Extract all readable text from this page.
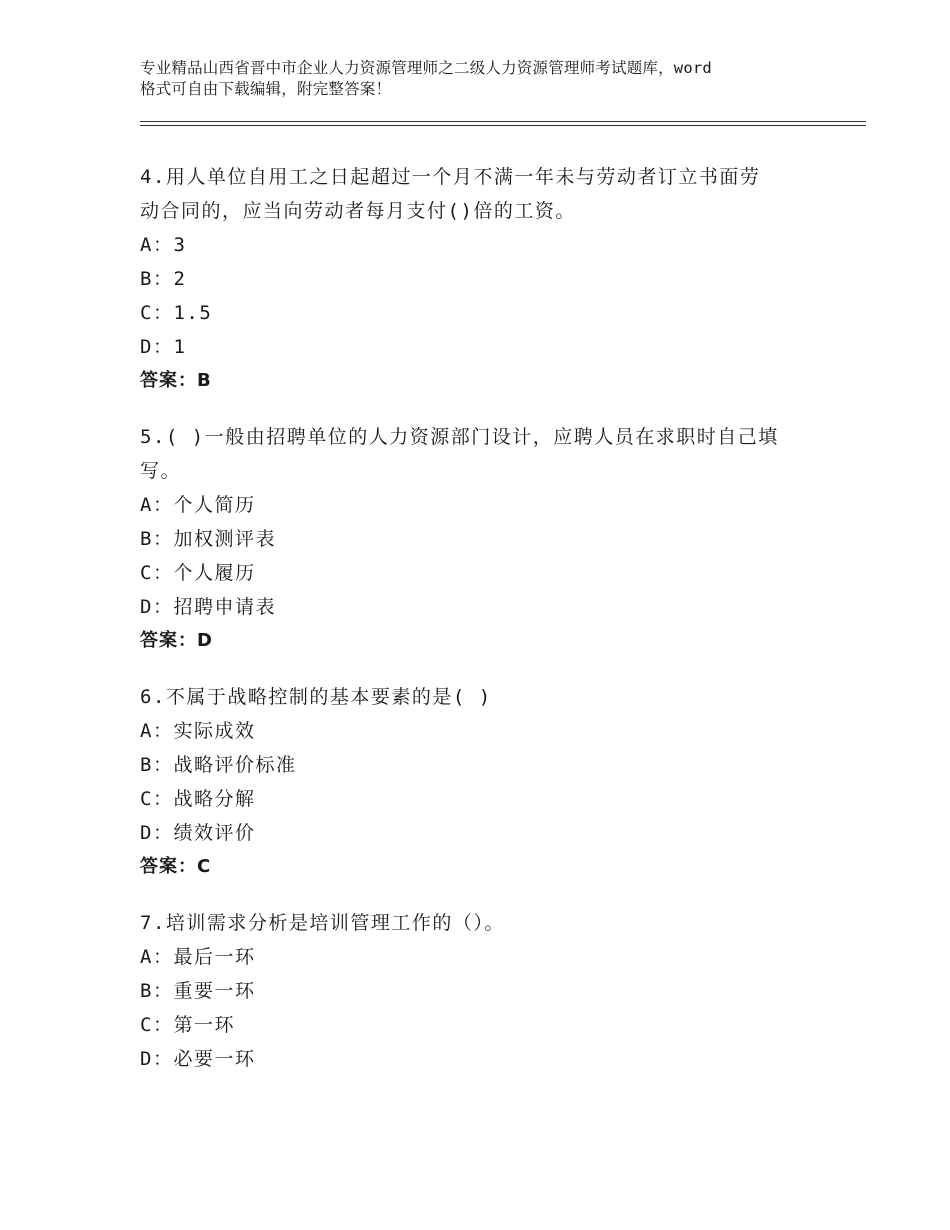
专业精品山西省晋中市企业人力资源管理师之二级人力资源管理师考试题库，word
格式可自由下载编辑，附完整答案！
4.用人单位自用工之日起超过一个月不满一年未与劳动者订立书面劳
动合同的，应当向劳动者每月支付()倍的工资。
A：3
B：2
C：1.5
D：1
答案：B
5.( )一般由招聘单位的人力资源部门设计，应聘人员在求职时自己填
写。
A：个人简历
B：加权测评表
C：个人履历
D：招聘申请表
答案：D
6.不属于战略控制的基本要素的是( )
A：实际成效
B：战略评价标准
C：战略分解
D：绩效评价
答案：C
7.培训需求分析是培训管理工作的（）。
A：最后一环
B：重要一环
C：第一环
D：必要一环
